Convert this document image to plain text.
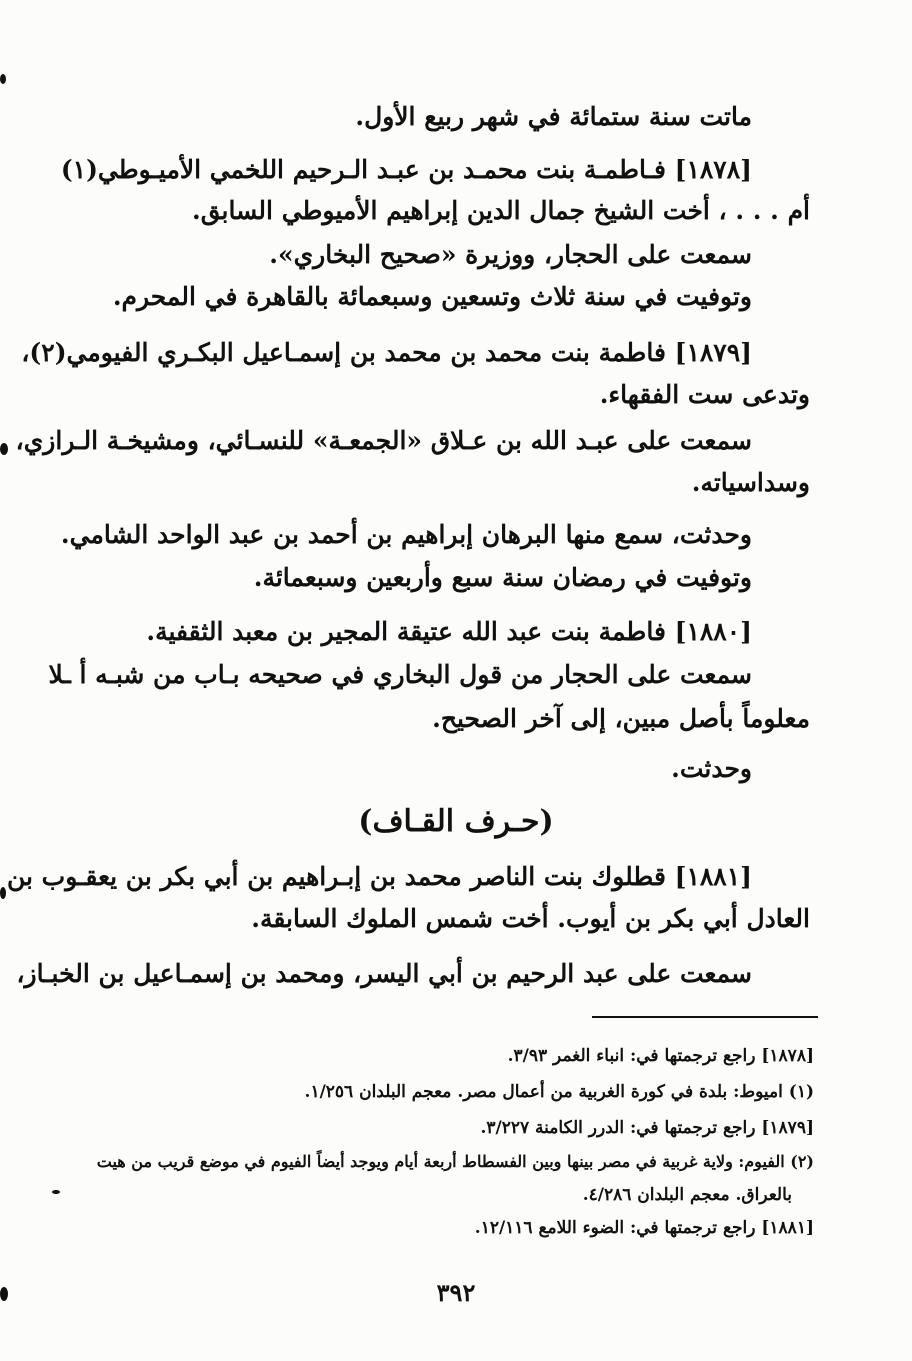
ماتت سنة ستمائة في شهر ربيع الأول.
[١٨٧٨] فـاطمـة بنت محمـد بن عبـد الـرحيم اللخمي الأميـوطي(١)
أم . . . ، أخت الشيخ جمال الدين إبراهيم الأميوطي السابق.
سمعت على الحجار، ووزيرة «صحيح البخاري».
وتوفيت في سنة ثلاث وتسعين وسبعمائة بالقاهرة في المحرم.
[١٨٧٩] فاطمة بنت محمد بن محمد بن إسمـاعيل البكـري الفيومي(٢)،
وتدعى ست الفقهاء.
سمعت على عبـد الله بن عـلاق «الجمعـة» للنسـائي، ومشيخـة الـرازي،
وسداسياته.
وحدثت، سمع منها البرهان إبراهيم بن أحمد بن عبد الواحد الشامي.
وتوفيت في رمضان سنة سبع وأربعين وسبعمائة.
[١٨٨٠] فاطمة بنت عبد الله عتيقة المجير بن معبد الثقفية.
سمعت على الحجار من قول البخاري في صحيحه بـاب من شبـه أ ـلا
معلوماً بأصل مبين، إلى آخر الصحيح.
وحدثت.
(حـرف القـاف)
[١٨٨١] قطلوك بنت الناصر محمد بن إبـراهيم بن أبي بكر بن يعقـوب بن
العادل أبي بكر بن أيوب. أخت شمس الملوك السابقة.
سمعت على عبد الرحيم بن أبي اليسر، ومحمد بن إسمـاعيل بن الخبـاز،
[١٨٧٨] راجع ترجمتها في: انباء الغمر ٣/٩٣.
(١) اميوط: بلدة في كورة الغربية من أعمال مصر. معجم البلدان ١/٢٥٦.
[١٨٧٩] راجع ترجمتها في: الدرر الكامنة ٣/٢٢٧.
(٢) الفيوم: ولاية غربية في مصر بينها وبين الفسطاط أربعة أيام ويوجد أيضاً الفيوم في موضع قريب من هيت
بالعراق. معجم البلدان ٤/٢٨٦.
[١٨٨١] راجع ترجمتها في: الضوء اللامع ١٢/١١٦.
٣٩٢
